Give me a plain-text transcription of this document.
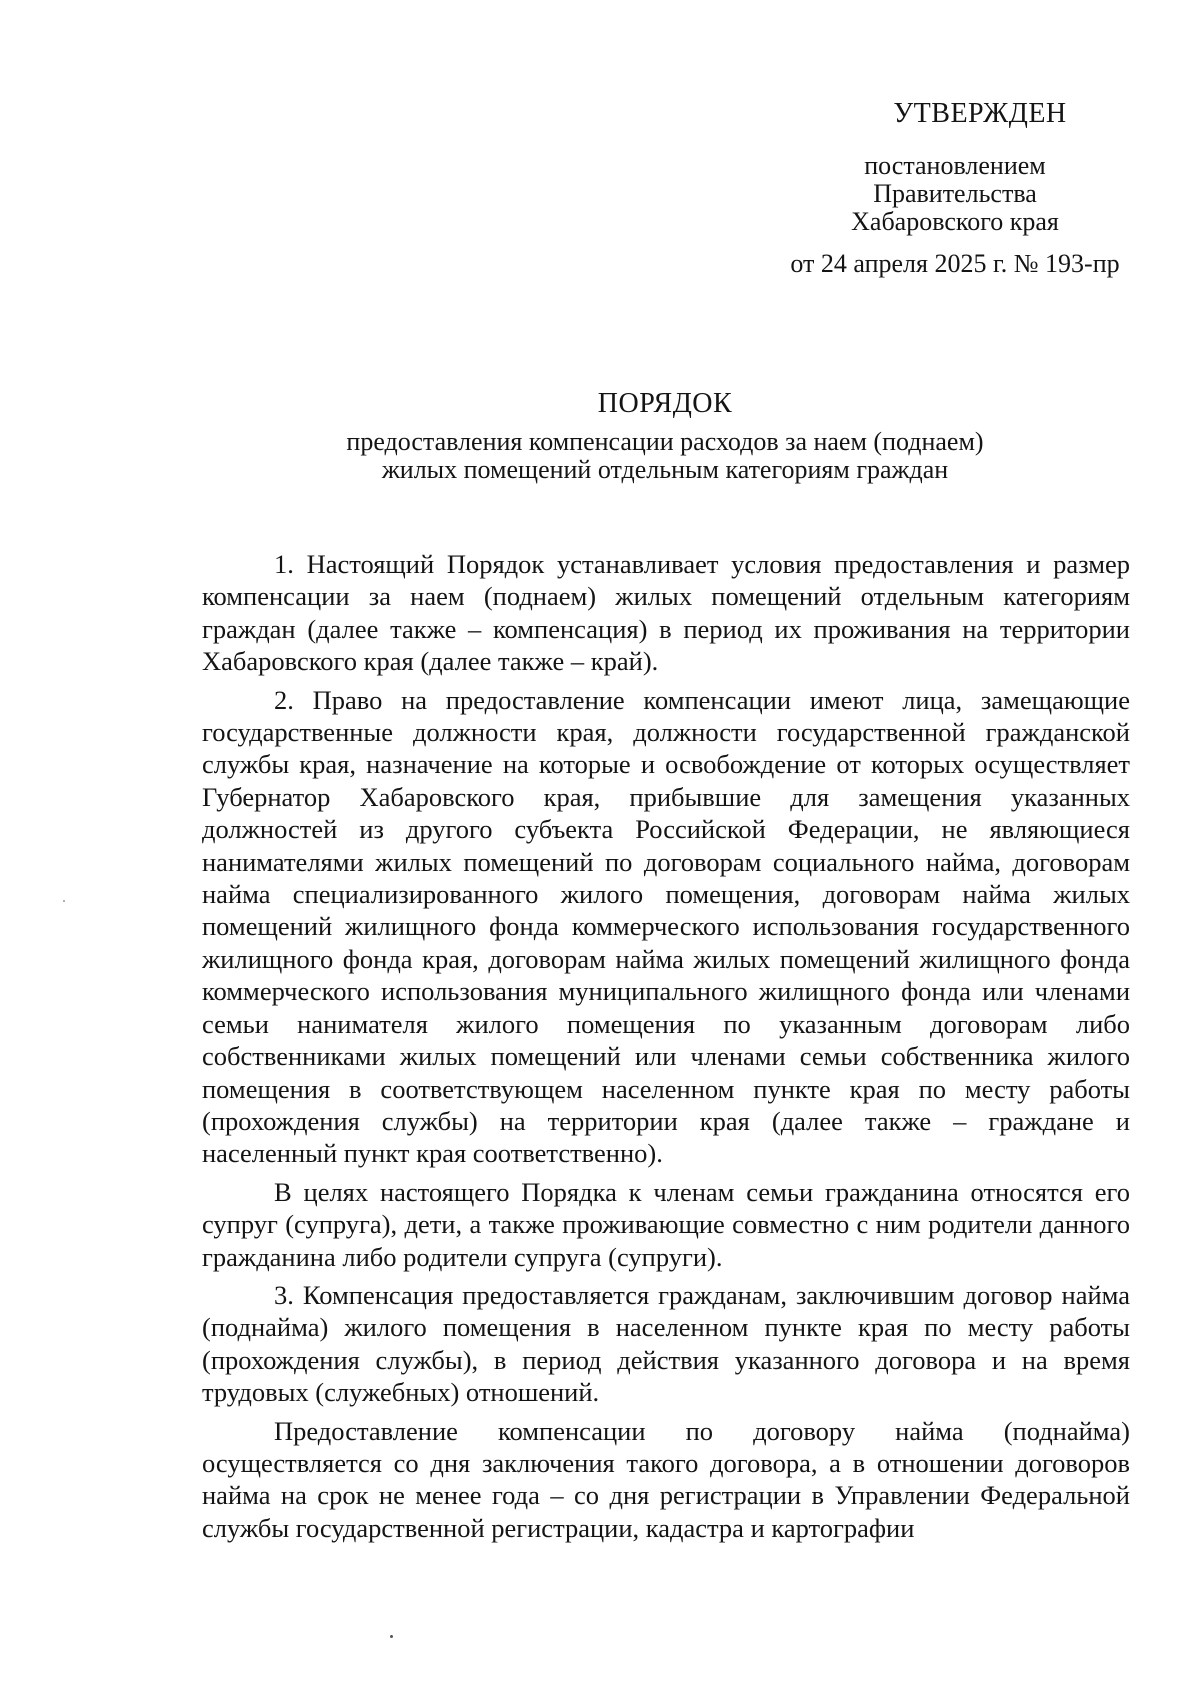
УТВЕРЖДЕН
постановлением
Правительства
Хабаровского края
от 24 апреля 2025 г. № 193-пр
ПОРЯДОК
предоставления компенсации расходов за наем (поднаем)
жилых помещений отдельным категориям граждан

1. Настоящий Порядок устанавливает условия предоставления и размер компенсации за наем (поднаем) жилых помещений отдельным категориям граждан (далее также – компенсация) в период их проживания на территории Хабаровского края (далее также – край).

2. Право на предоставление компенсации имеют лица, замещающие государственные должности края, должности государственной гражданской службы края, назначение на которые и освобождение от которых осуществляет Губернатор Хабаровского края, прибывшие для замещения указанных должностей из другого субъекта Российской Федерации, не являющиеся нанимателями жилых помещений по договорам социального найма, договорам найма специализированного жилого помещения, договорам найма жилых помещений жилищного фонда коммерческого использования государственного жилищного фонда края, договорам найма жилых помещений жилищного фонда коммерческого использования муниципального жилищного фонда или членами семьи нанимателя жилого помещения по указанным договорам либо собственниками жилых помещений или членами семьи собственника жилого помещения в соответствующем населенном пункте края по месту работы (прохождения службы) на территории края (далее также – граждане и населенный пункт края соответственно).

В целях настоящего Порядка к членам семьи гражданина относятся его супруг (супруга), дети, а также проживающие совместно с ним родители данного гражданина либо родители супруга (супруги).

3. Компенсация предоставляется гражданам, заключившим договор найма (поднайма) жилого помещения в населенном пункте края по месту работы (прохождения службы), в период действия указанного договора и на время трудовых (служебных) отношений.

Предоставление компенсации по договору найма (поднайма) осуществляется со дня заключения такого договора, а в отношении договоров найма на срок не менее года – со дня регистрации в Управлении Федеральной службы государственной регистрации, кадастра и картографии
